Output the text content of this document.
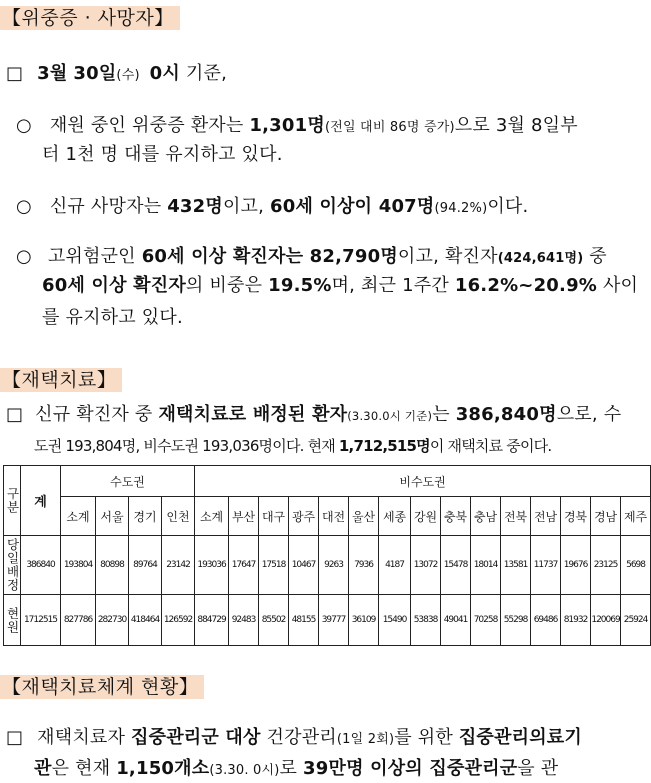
【위중증 · 사망자】
□ 3월 30일(수) 0시 기준,
○ 재원 중인 위중증 환자는 1,301명(전일 대비 86명 증가)으로 3월 8일부
터 1천 명 대를 유지하고 있다.
○ 신규 사망자는 432명이고, 60세 이상이 407명(94.2%)이다.
○ 고위험군인 60세 이상 확진자는 82,790명이고, 확진자(424,641명) 중
60세 이상 확진자의 비중은 19.5%며, 최근 1주간 16.2%~20.9% 사이
를 유지하고 있다.
【재택치료】
□ 신규 확진자 중 재택치료로 배정된 환자(3.30.0시 기준)는 386,840명으로, 수
도권 193,804명, 비수도권 193,036명이다. 현재 1,712,515명이 재택치료 중이다.
구분	계	수도권				비수도권														
		소계	서울	경기	인천	소계	부산	대구	광주	대전	울산	세종	강원	충북	충남	전북	전남	경북	경남	제주
당일배정	386840	193804	80898	89764	23142	193036	17647	17518	10467	9263	7936	4187	13072	15478	18014	13581	11737	19676	23125	5698
현원	1712515	827786	282730	418464	126592	884729	92483	85502	48155	39777	36109	15490	53838	49041	70258	55298	69486	81932	120069	25924
【재택치료체계 현황】
□ 재택치료자 집중관리군 대상 건강관리(1일 2회)를 위한 집중관리의료기
관은 현재 1,150개소(3.30. 0시)로 39만명 이상의 집중관리군을 관
